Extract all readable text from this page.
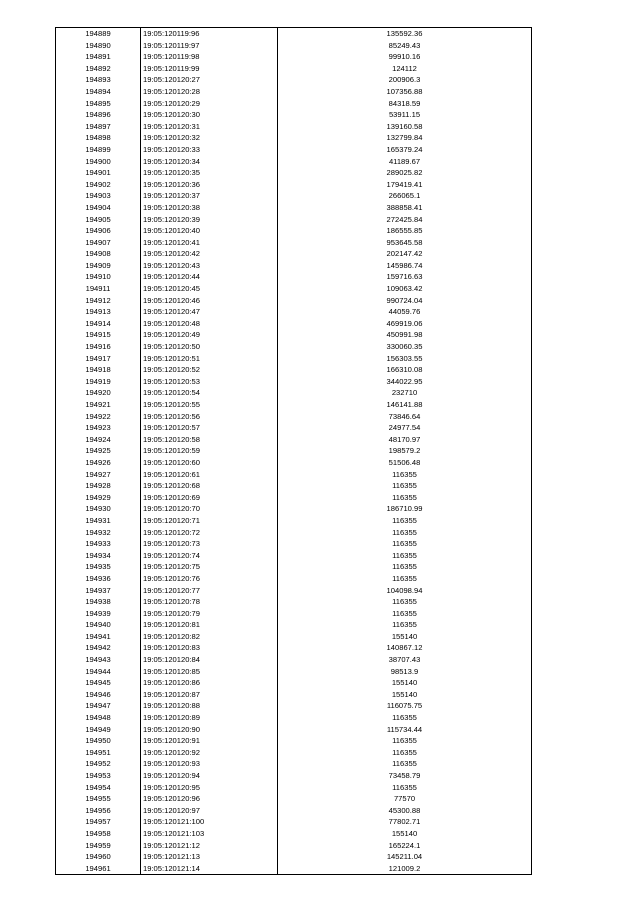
194889	19:05:120119:96	135592.36
194890	19:05:120119:97	85249.43
194891	19:05:120119:98	99910.16
194892	19:05:120119:99	124112
194893	19:05:120120:27	200906.3
194894	19:05:120120:28	107356.88
194895	19:05:120120:29	84318.59
194896	19:05:120120:30	53911.15
194897	19:05:120120:31	139160.58
194898	19:05:120120:32	132799.84
194899	19:05:120120:33	165379.24
194900	19:05:120120:34	41189.67
194901	19:05:120120:35	289025.82
194902	19:05:120120:36	179419.41
194903	19:05:120120:37	266065.1
194904	19:05:120120:38	388858.41
194905	19:05:120120:39	272425.84
194906	19:05:120120:40	186555.85
194907	19:05:120120:41	953645.58
194908	19:05:120120:42	202147.42
194909	19:05:120120:43	145986.74
194910	19:05:120120:44	159716.63
194911	19:05:120120:45	109063.42
194912	19:05:120120:46	990724.04
194913	19:05:120120:47	44059.76
194914	19:05:120120:48	469919.06
194915	19:05:120120:49	450991.98
194916	19:05:120120:50	330060.35
194917	19:05:120120:51	156303.55
194918	19:05:120120:52	166310.08
194919	19:05:120120:53	344022.95
194920	19:05:120120:54	232710
194921	19:05:120120:55	146141.88
194922	19:05:120120:56	73846.64
194923	19:05:120120:57	24977.54
194924	19:05:120120:58	48170.97
194925	19:05:120120:59	198579.2
194926	19:05:120120:60	51506.48
194927	19:05:120120:61	116355
194928	19:05:120120:68	116355
194929	19:05:120120:69	116355
194930	19:05:120120:70	186710.99
194931	19:05:120120:71	116355
194932	19:05:120120:72	116355
194933	19:05:120120:73	116355
194934	19:05:120120:74	116355
194935	19:05:120120:75	116355
194936	19:05:120120:76	116355
194937	19:05:120120:77	104098.94
194938	19:05:120120:78	116355
194939	19:05:120120:79	116355
194940	19:05:120120:81	116355
194941	19:05:120120:82	155140
194942	19:05:120120:83	140867.12
194943	19:05:120120:84	38707.43
194944	19:05:120120:85	98513.9
194945	19:05:120120:86	155140
194946	19:05:120120:87	155140
194947	19:05:120120:88	116075.75
194948	19:05:120120:89	116355
194949	19:05:120120:90	115734.44
194950	19:05:120120:91	116355
194951	19:05:120120:92	116355
194952	19:05:120120:93	116355
194953	19:05:120120:94	73458.79
194954	19:05:120120:95	116355
194955	19:05:120120:96	77570
194956	19:05:120120:97	45300.88
194957	19:05:120121:100	77802.71
194958	19:05:120121:103	155140
194959	19:05:120121:12	165224.1
194960	19:05:120121:13	145211.04
194961	19:05:120121:14	121009.2
